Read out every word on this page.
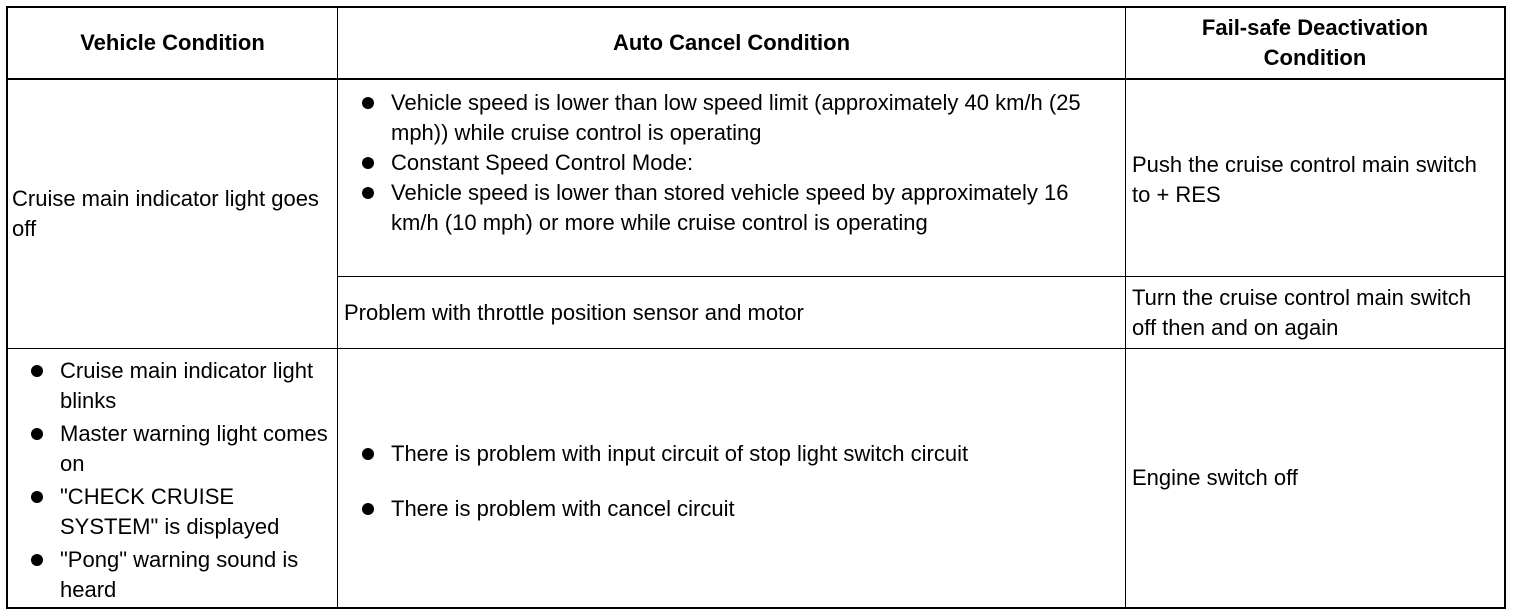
Vehicle Condition	Auto Cancel Condition
Fail-safe Deactivation Condition
Cruise main indicator light goes off
Vehicle speed is lower than low speed limit (approximately 40 km/h (25 mph)) while cruise control is operating
Constant Speed Control Mode:
Vehicle speed is lower than stored vehicle speed by approximately 16 km/h (10 mph) or more while cruise control is operating
Push the cruise control main switch to + RES
Problem with throttle position sensor and motor
Turn the cruise control main switch off then and on again
Cruise main indicator light blinks
Master warning light comes on
"CHECK CRUISE SYSTEM" is displayed
"Pong" warning sound is heard
There is problem with input circuit of stop light switch circuit
There is problem with cancel circuit
Engine switch off
